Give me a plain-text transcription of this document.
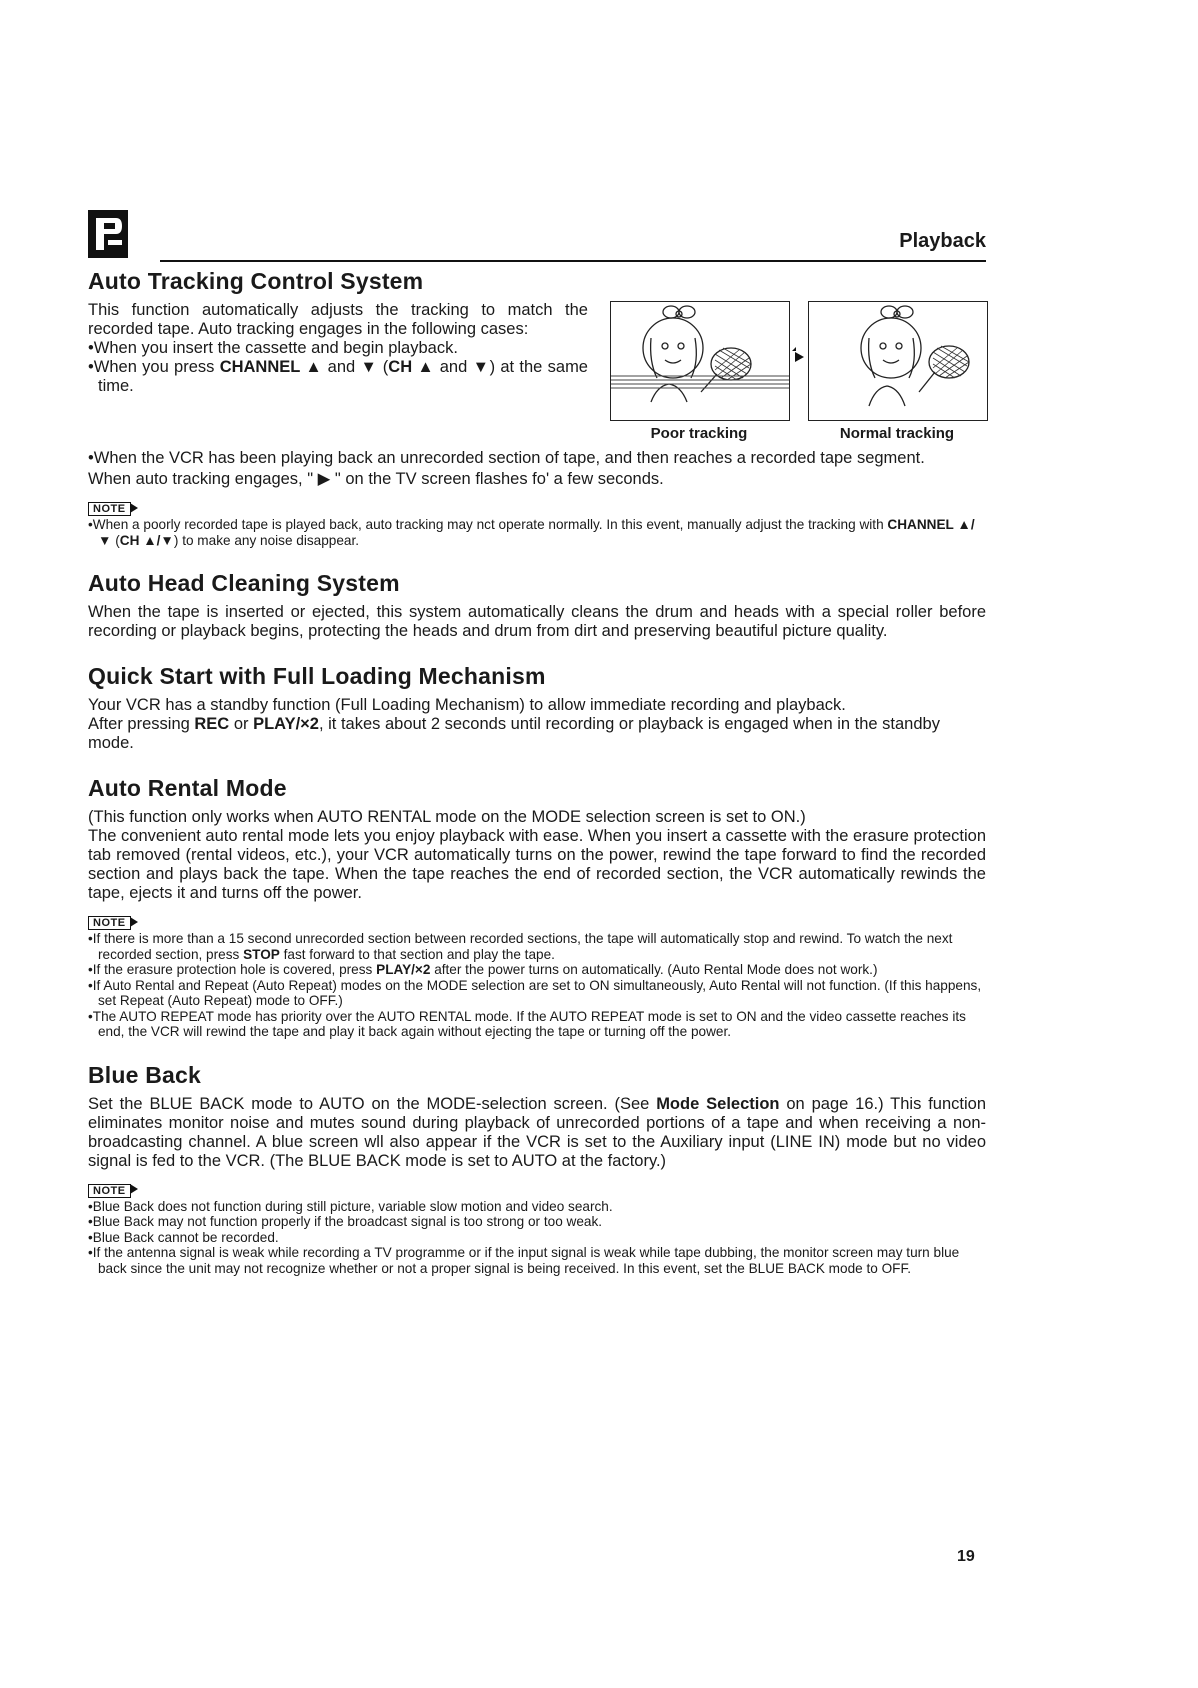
Playback
Auto Tracking Control System

This function automatically adjusts the tracking to match the recorded tape. Auto tracking engages in the following cases:

•When you insert the cassette and begin playback.

•When you press CHANNEL ▲ and ▼ (CH ▲ and ▼) at the same time.

Poor tracking	Normal tracking

•When the VCR has been playing back an unrecorded section of tape, and then reaches a recorded tape segment.

When auto tracking engages, " ▶ " on the TV screen flashes fo' a few seconds.

NOTE

•When a poorly recorded tape is played back, auto tracking may nct operate normally. In this event, manually adjust the tracking with CHANNEL ▲/▼ (CH ▲/▼) to make any noise disappear.

Auto Head Cleaning System

When the tape is inserted or ejected, this system automatically cleans the drum and heads with a special roller before recording or playback begins, protecting the heads and drum from dirt and preserving beautiful picture quality.

Quick Start with Full Loading Mechanism

Your VCR has a standby function (Full Loading Mechanism) to allow immediate recording and playback.

After pressing REC or PLAY/×2, it takes about 2 seconds until recording or playback is engaged when in the standby mode.

Auto Rental Mode

(This function only works when AUTO RENTAL mode on the MODE selection screen is set to ON.)

The convenient auto rental mode lets you enjoy playback with ease. When you insert a cassette with the erasure protection tab removed (rental videos, etc.), your VCR automatically turns on the power, rewind the tape forward to find the recorded section and plays back the tape. When the tape reaches the end of recorded section, the VCR automatically rewinds the tape, ejects it and turns off the power.

NOTE

•If there is more than a 15 second unrecorded section between recorded sections, the tape will automatically stop and rewind. To watch the next recorded section, press STOP fast forward to that section and play the tape.

•If the erasure protection hole is covered, press PLAY/×2 after the power turns on automatically. (Auto Rental Mode does not work.)

•If Auto Rental and Repeat (Auto Repeat) modes on the MODE selection are set to ON simultaneously, Auto Rental will not function. (If this happens, set Repeat (Auto Repeat) mode to OFF.)

•The AUTO REPEAT mode has priority over the AUTO RENTAL mode. If the AUTO REPEAT mode is set to ON and the video cassette reaches its end, the VCR will rewind the tape and play it back again without ejecting the tape or turning off the power.

Blue Back

Set the BLUE BACK mode to AUTO on the MODE-selection screen. (See Mode Selection on page 16.) This function eliminates monitor noise and mutes sound during playback of unrecorded portions of a tape and when receiving a non-broadcasting channel. A blue screen wll also appear if the VCR is set to the Auxiliary input (LINE IN) mode but no video signal is fed to the VCR. (The BLUE BACK mode is set to AUTO at the factory.)

NOTE

•Blue Back does not function during still picture, variable slow motion and video search.

•Blue Back may not function properly if the broadcast signal is too strong or too weak.

•Blue Back cannot be recorded.

•If the antenna signal is weak while recording a TV programme or if the input signal is weak while tape dubbing, the monitor screen may turn blue back since the unit may not recognize whether or not a proper signal is being received. In this event, set the BLUE BACK mode to OFF.

19
